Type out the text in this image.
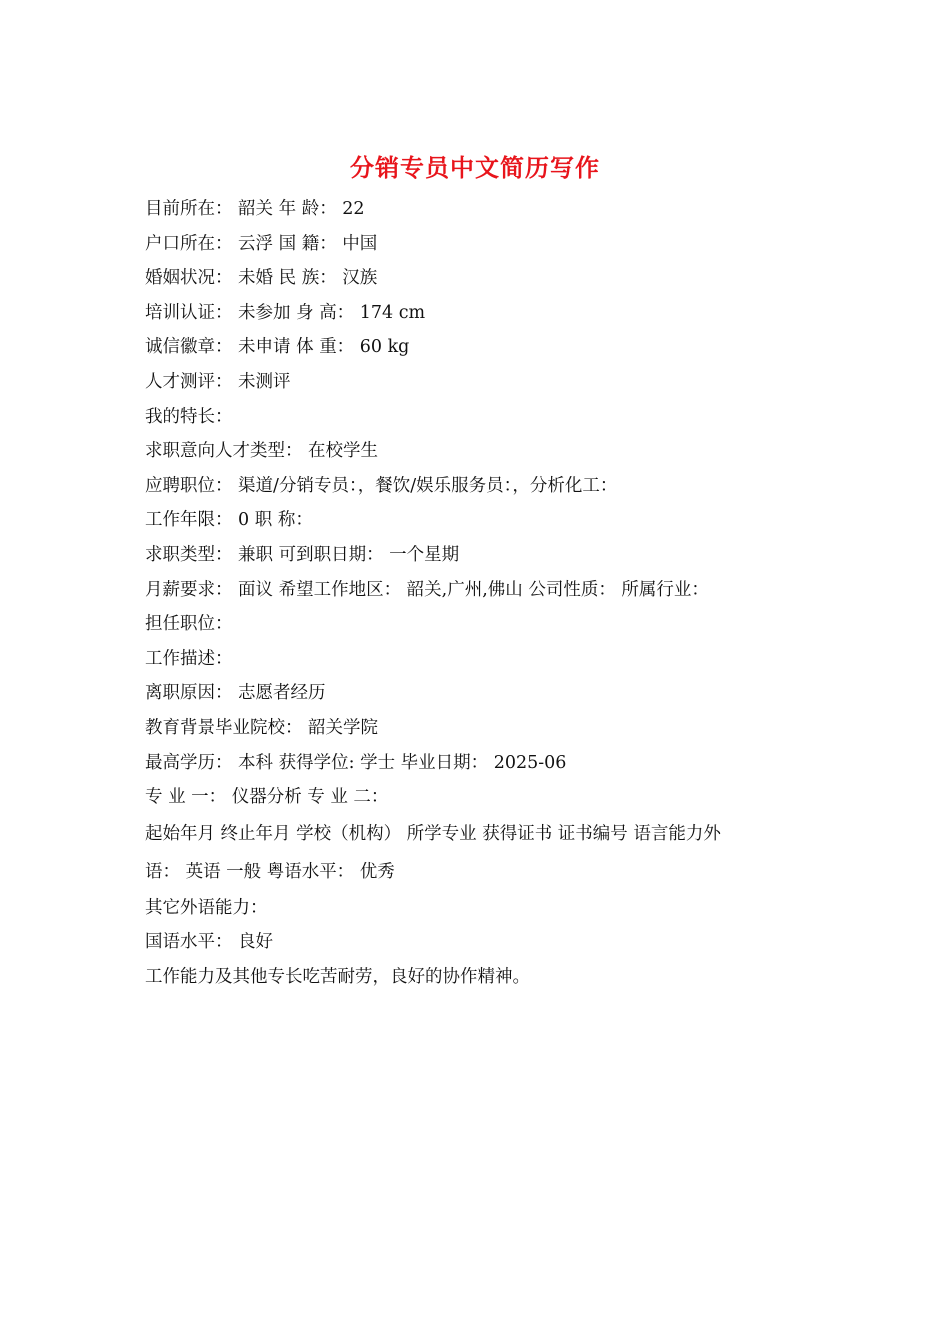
分销专员中文简历写作
目前所在： 韶关 年 龄： 22
户口所在： 云浮 国 籍： 中国
婚姻状况： 未婚 民 族： 汉族
培训认证： 未参加 身 高： 174 cm
诚信徽章： 未申请 体 重： 60 kg
人才测评： 未测评
我的特长：
求职意向人才类型： 在校学生
应聘职位： 渠道/分销专员：，餐饮/娱乐服务员：，分析化工：
工作年限： 0 职 称：
求职类型： 兼职 可到职日期： 一个星期
月薪要求： 面议 希望工作地区： 韶关,广州,佛山 公司性质： 所属行业：
担任职位：
工作描述：
离职原因： 志愿者经历
教育背景毕业院校： 韶关学院
最高学历： 本科 获得学位: 学士 毕业日期： 2025-06
专 业 一： 仪器分析 专 业 二：
起始年月 终止年月 学校（机构） 所学专业 获得证书 证书编号 语言能力外
语： 英语 一般 粤语水平： 优秀
其它外语能力：
国语水平： 良好
工作能力及其他专长吃苦耐劳，良好的协作精神。
